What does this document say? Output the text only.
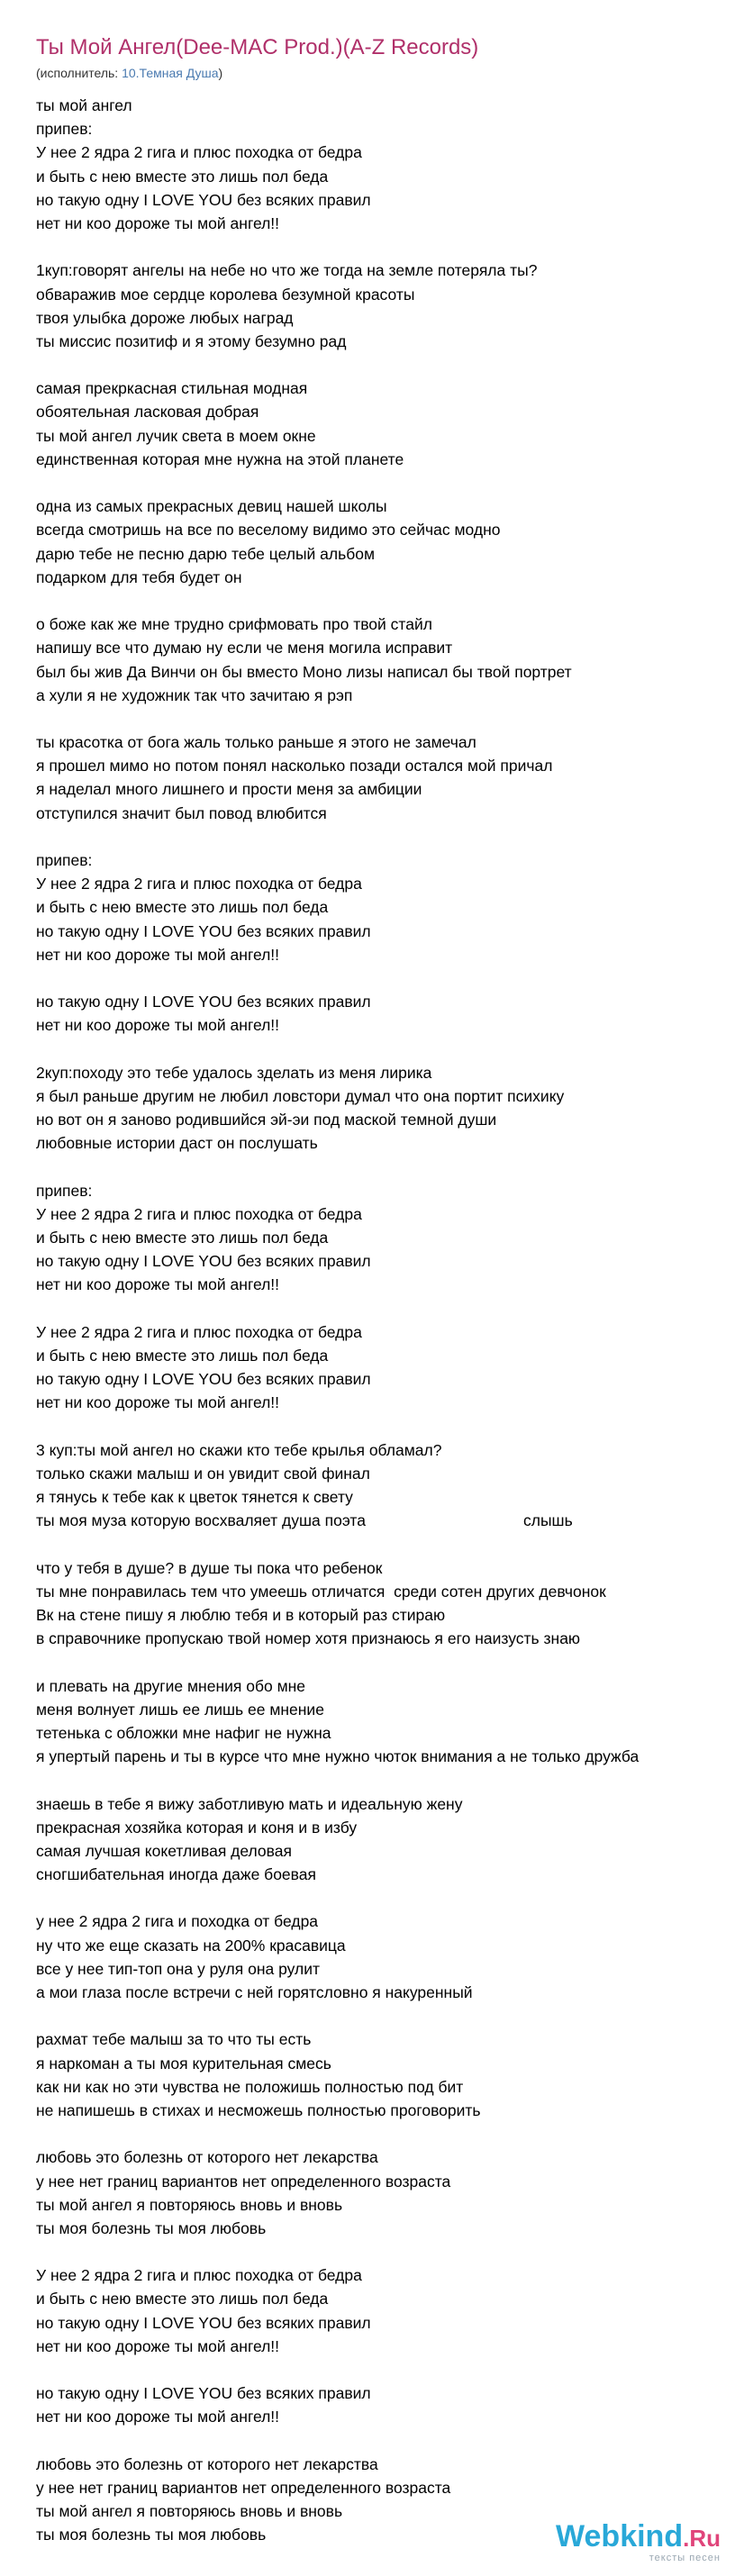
Ты Мой Ангел(Dee-MAC Prod.)(A-Z Records)
(исполнитель: 10.Темная Душа)
ты мой ангел
припев:
У нее 2 ядра 2 гига и плюс походка от бедра
и быть с нею вместе это лишь пол беда
но такую одну I LOVE YOU без всяких правил
нет ни коо дороже ты мой ангел!!
1куп:говорят ангелы на небе но что же тогда на земле потеряла ты?
обваражив мое сердце королева безумной красоты
твоя улыбка дороже любых наград
ты миссис позитиф и я этому безумно рад
самая прекркасная стильная модная
обоятельная ласковая добрая
ты мой ангел лучик света в моем окне
единственная которая мне нужна на этой планете
одна из самых прекрасных девиц нашей школы
всегда смотришь на все по веселому видимо это сейчас модно
дарю тебе не песню дарю тебе целый альбом
подарком для тебя будет он
о боже как же мне трудно срифмовать про твой стайл
напишу все что думаю ну если че меня могила исправит
был бы жив Да Винчи он бы вместо Моно лизы написал бы твой портрет
а хули я не художник так что зачитаю я рэп
ты красотка от бога жаль только раньше я этого не замечал
я прошел мимо но потом понял насколько позади остался мой причал
я наделал много лишнего и прости меня за амбиции
отступился значит был повод влюбится
припев:
У нее 2 ядра 2 гига и плюс походка от бедра
и быть с нею вместе это лишь пол беда
но такую одну I LOVE YOU без всяких правил
нет ни коо дороже ты мой ангел!!
но такую одну I LOVE YOU без всяких правил
нет ни коо дороже ты мой ангел!!
2куп:походу это тебе удалось зделать из меня лирика
я был раньше другим не любил ловстори думал что она портит психику
но вот он я заново родившийся эй-эи под маской темной души
любовные истории даст он послушать
припев:
У нее 2 ядра 2 гига и плюс походка от бедра
и быть с нею вместе это лишь пол беда
но такую одну I LOVE YOU без всяких правил
нет ни коо дороже ты мой ангел!!
У нее 2 ядра 2 гига и плюс походка от бедра
и быть с нею вместе это лишь пол беда
но такую одну I LOVE YOU без всяких правил
нет ни коо дороже ты мой ангел!!
3 куп:ты мой ангел но скажи кто тебе крылья обламал?
только скажи малыш и он увидит свой финал
я тянусь к тебе как к цветок тянется к свету
ты моя муза которую восхваляет душа поэта                                    слышь
что у тебя в душе? в душе ты пока что ребенок
ты мне понравилась тем что умеешь отличатся  среди сотен других девчонок
Вк на стене пишу я люблю тебя и в который раз стираю
в справочнике пропускаю твой номер хотя признаюсь я его наизусть знаю
и плевать на другие мнения обо мне
меня волнует лишь ее лишь ее мнение
тетенька с обложки мне нафиг не нужна
я упертый парень и ты в курсе что мне нужно чюток внимания а не только дружба
знаешь в тебе я вижу заботливую мать и идеальную жену
прекрасная хозяйка которая и коня и в избу
самая лучшая кокетливая деловая
сногшибательная иногда даже боевая
у нее 2 ядра 2 гига и походка от бедра
ну что же еще сказать на 200% красавица
все у нее тип-топ она у руля она рулит
а мои глаза после встречи с ней горятсловно я накуренный
рахмат тебе малыш за то что ты есть
я наркоман а ты моя курительная смесь
как ни как но эти чувства не положишь полностью под бит
не напишешь в стихах и несможешь полностью проговорить
любовь это болезнь от которого нет лекарства
у нее нет границ вариантов нет определенного возраста
ты мой ангел я повторяюсь вновь и вновь
ты моя болезнь ты моя любовь
У нее 2 ядра 2 гига и плюс походка от бедра
и быть с нею вместе это лишь пол беда
но такую одну I LOVE YOU без всяких правил
нет ни коо дороже ты мой ангел!!
но такую одну I LOVE YOU без всяких правил
нет ни коо дороже ты мой ангел!!
любовь это болезнь от которого нет лекарства
у нее нет границ вариантов нет определенного возраста
ты мой ангел я повторяюсь вновь и вновь
ты моя болезнь ты моя любовь	Webkind.Ru
тексты песен
